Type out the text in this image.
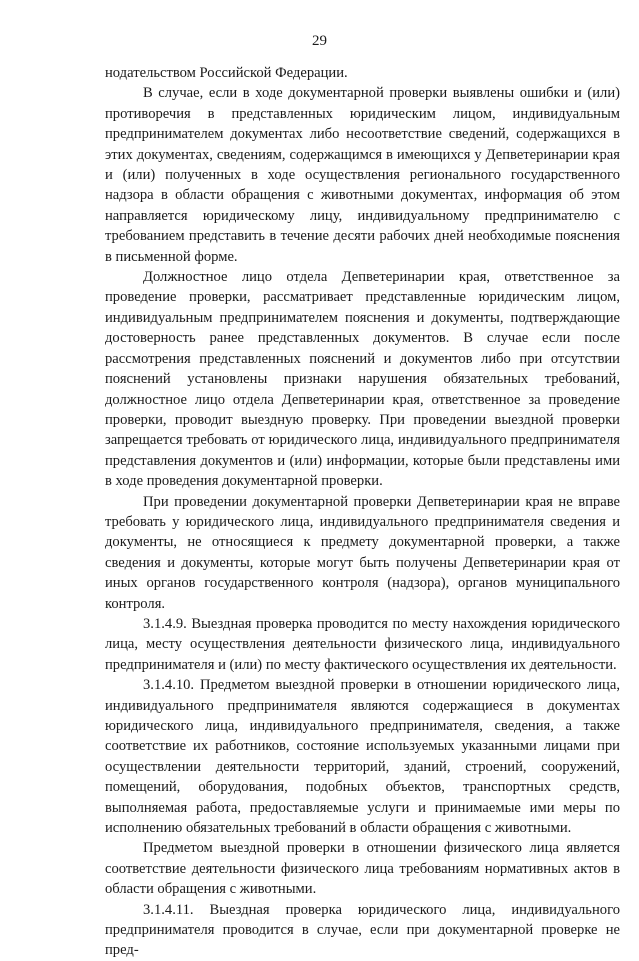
29

нодательством Российской Федерации.

В случае, если в ходе документарной проверки выявлены ошибки и (или) противоречия в представленных юридическим лицом, индивидуальным предпринимателем документах либо несоответствие сведений, содержащихся в этих документах, сведениям, содержащимся в имеющихся у Депветеринарии края и (или) полученных в ходе осуществления регионального государственного надзора в области обращения с животными документах, информация об этом направляется юридическому лицу, индивидуальному предпринимателю с требованием представить в течение десяти рабочих дней необходимые пояснения в письменной форме.

Должностное лицо отдела Депветеринарии края, ответственное за проведение проверки, рассматривает представленные юридическим лицом, индивидуальным предпринимателем пояснения и документы, подтверждающие достоверность ранее представленных документов. В случае если после рассмотрения представленных пояснений и документов либо при отсутствии пояснений установлены признаки нарушения обязательных требований, должностное лицо отдела Депветеринарии края, ответственное за проведение проверки, проводит выездную проверку. При проведении выездной проверки запрещается требовать от юридического лица, индивидуального предпринимателя представления документов и (или) информации, которые были представлены ими в ходе проведения документарной проверки.

При проведении документарной проверки Депветеринарии края не вправе требовать у юридического лица, индивидуального предпринимателя сведения и документы, не относящиеся к предмету документарной проверки, а также сведения и документы, которые могут быть получены Депветеринарии края от иных органов государственного контроля (надзора), органов муниципального контроля.

3.1.4.9. Выездная проверка проводится по месту нахождения юридического лица, месту осуществления деятельности физического лица, индивидуального предпринимателя и (или) по месту фактического осуществления их деятельности.

3.1.4.10. Предметом выездной проверки в отношении юридического лица, индивидуального предпринимателя являются содержащиеся в документах юридического лица, индивидуального предпринимателя, сведения, а также соответствие их работников, состояние используемых указанными лицами при осуществлении деятельности территорий, зданий, строений, сооружений, помещений, оборудования, подобных объектов, транспортных средств, выполняемая работа, предоставляемые услуги и принимаемые ими меры по исполнению обязательных требований в области обращения с животными.

Предметом выездной проверки в отношении физического лица является соответствие деятельности физического лица требованиям нормативных актов в области обращения с животными.

3.1.4.11. Выездная проверка юридического лица, индивидуального предпринимателя проводится в случае, если при документарной проверке не пред-
